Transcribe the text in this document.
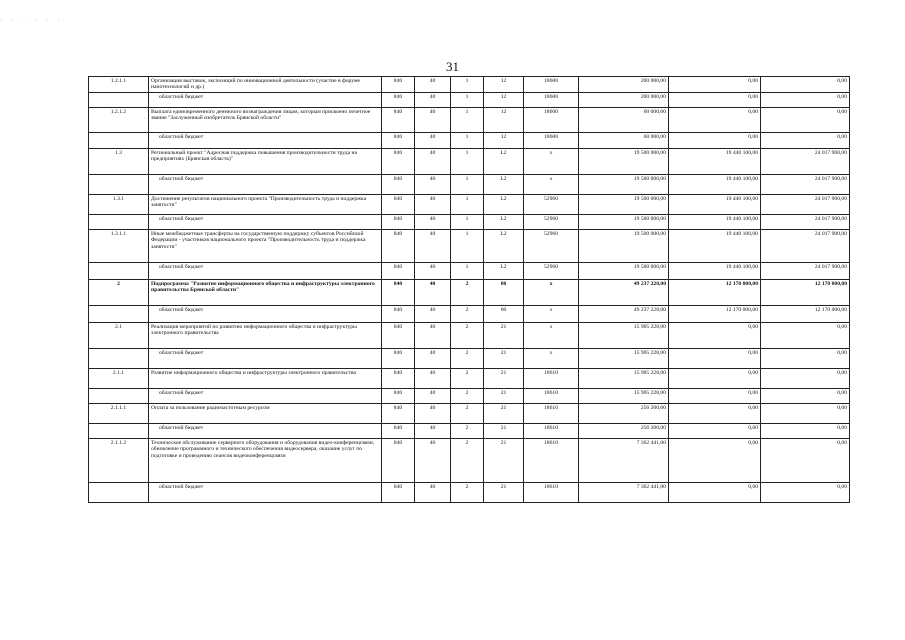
· · · · · ·
31
1.2.1.1	Организация выставок, экспозиций по инновационной деятельности (участие в форуме нанотехнологий и др.)	840	40	1	12	18600	200 000,00	0,00	0,00
	областной бюджет	840	40	1	12	18600	200 000,00	0,00	0,00
1.2.1.2	Выплата единовременного денежного вознаграждения лицам, которым присвоено почетное звание "Заслуженный изобретатель Брянской области"	840	40	1	12	18600	60 000,00	0,00	0,00
	областной бюджет	840	40	1	12	18600	60 000,00	0,00	0,00
1.3	Региональный проект "Адресная поддержка повышения производительности труда на предприятиях (Брянская область)"	840	40	1	L2	x	19 500 000,00	19 440 100,00	24 017 900,00
	областной бюджет	840	40	1	L2	x	19 500 000,00	19 440 100,00	24 017 900,00
1.3.1	Достижение результатов национального проекта "Производительность труда и поддержка занятости"	840	40	1	L2	52960	19 500 000,00	19 440 100,00	24 017 900,00
	областной бюджет	840	40	1	L2	52960	19 500 000,00	19 440 100,00	24 017 900,00
1.3.1.1	Иные межбюджетные трансферты на государственную поддержку субъектов Российской Федерации - участников национального проекта "Производительность труда и поддержка занятости"	840	40	1	L2	52960	19 500 000,00	19 440 100,00	24 017 900,00
	областной бюджет	840	40	1	L2	52960	19 500 000,00	19 440 100,00	24 017 900,00
2	Подпрограмма "Развитие информационного общества и инфраструктуры электронного правительства Брянской области"	840	40	2	00	x	49 237 228,00	12 170 000,00	12 170 000,00
	областной бюджет	840	40	2	00	x	49 237 228,00	12 170 000,00	12 170 000,00
2.1	Реализация мероприятий по развитию информационного общества и инфраструктуры электронного правительства	840	40	2	21	x	15 905 228,00	0,00	0,00
	областной бюджет	840	40	2	21	x	15 905 228,00	0,00	0,00
2.1.1	Развитие информационного общества и инфраструктуры электронного правительства	840	40	2	21	18610	15 905 228,00	0,00	0,00
	областной бюджет	840	40	2	21	18610	15 905 228,00	0,00	0,00
2.1.1.1	Оплата за пользование радиочастотным ресурсом	840	40	2	21	18610	256 200,00	0,00	0,00
	областной бюджет	840	40	2	21	18610	256 200,00	0,00	0,00
2.1.1.2	Техническое обслуживание серверного оборудования и оборудования видео-конференцсвязи, обновление программного и технического обеспечения видеосервера, оказание услуг по подготовке и проведению сеансов видеоконференцсвязи	840	40	2	21	18610	7 362 441,00	0,00	0,00
	областной бюджет	840	40	2	21	18610	7 362 441,00	0,00	0,00
